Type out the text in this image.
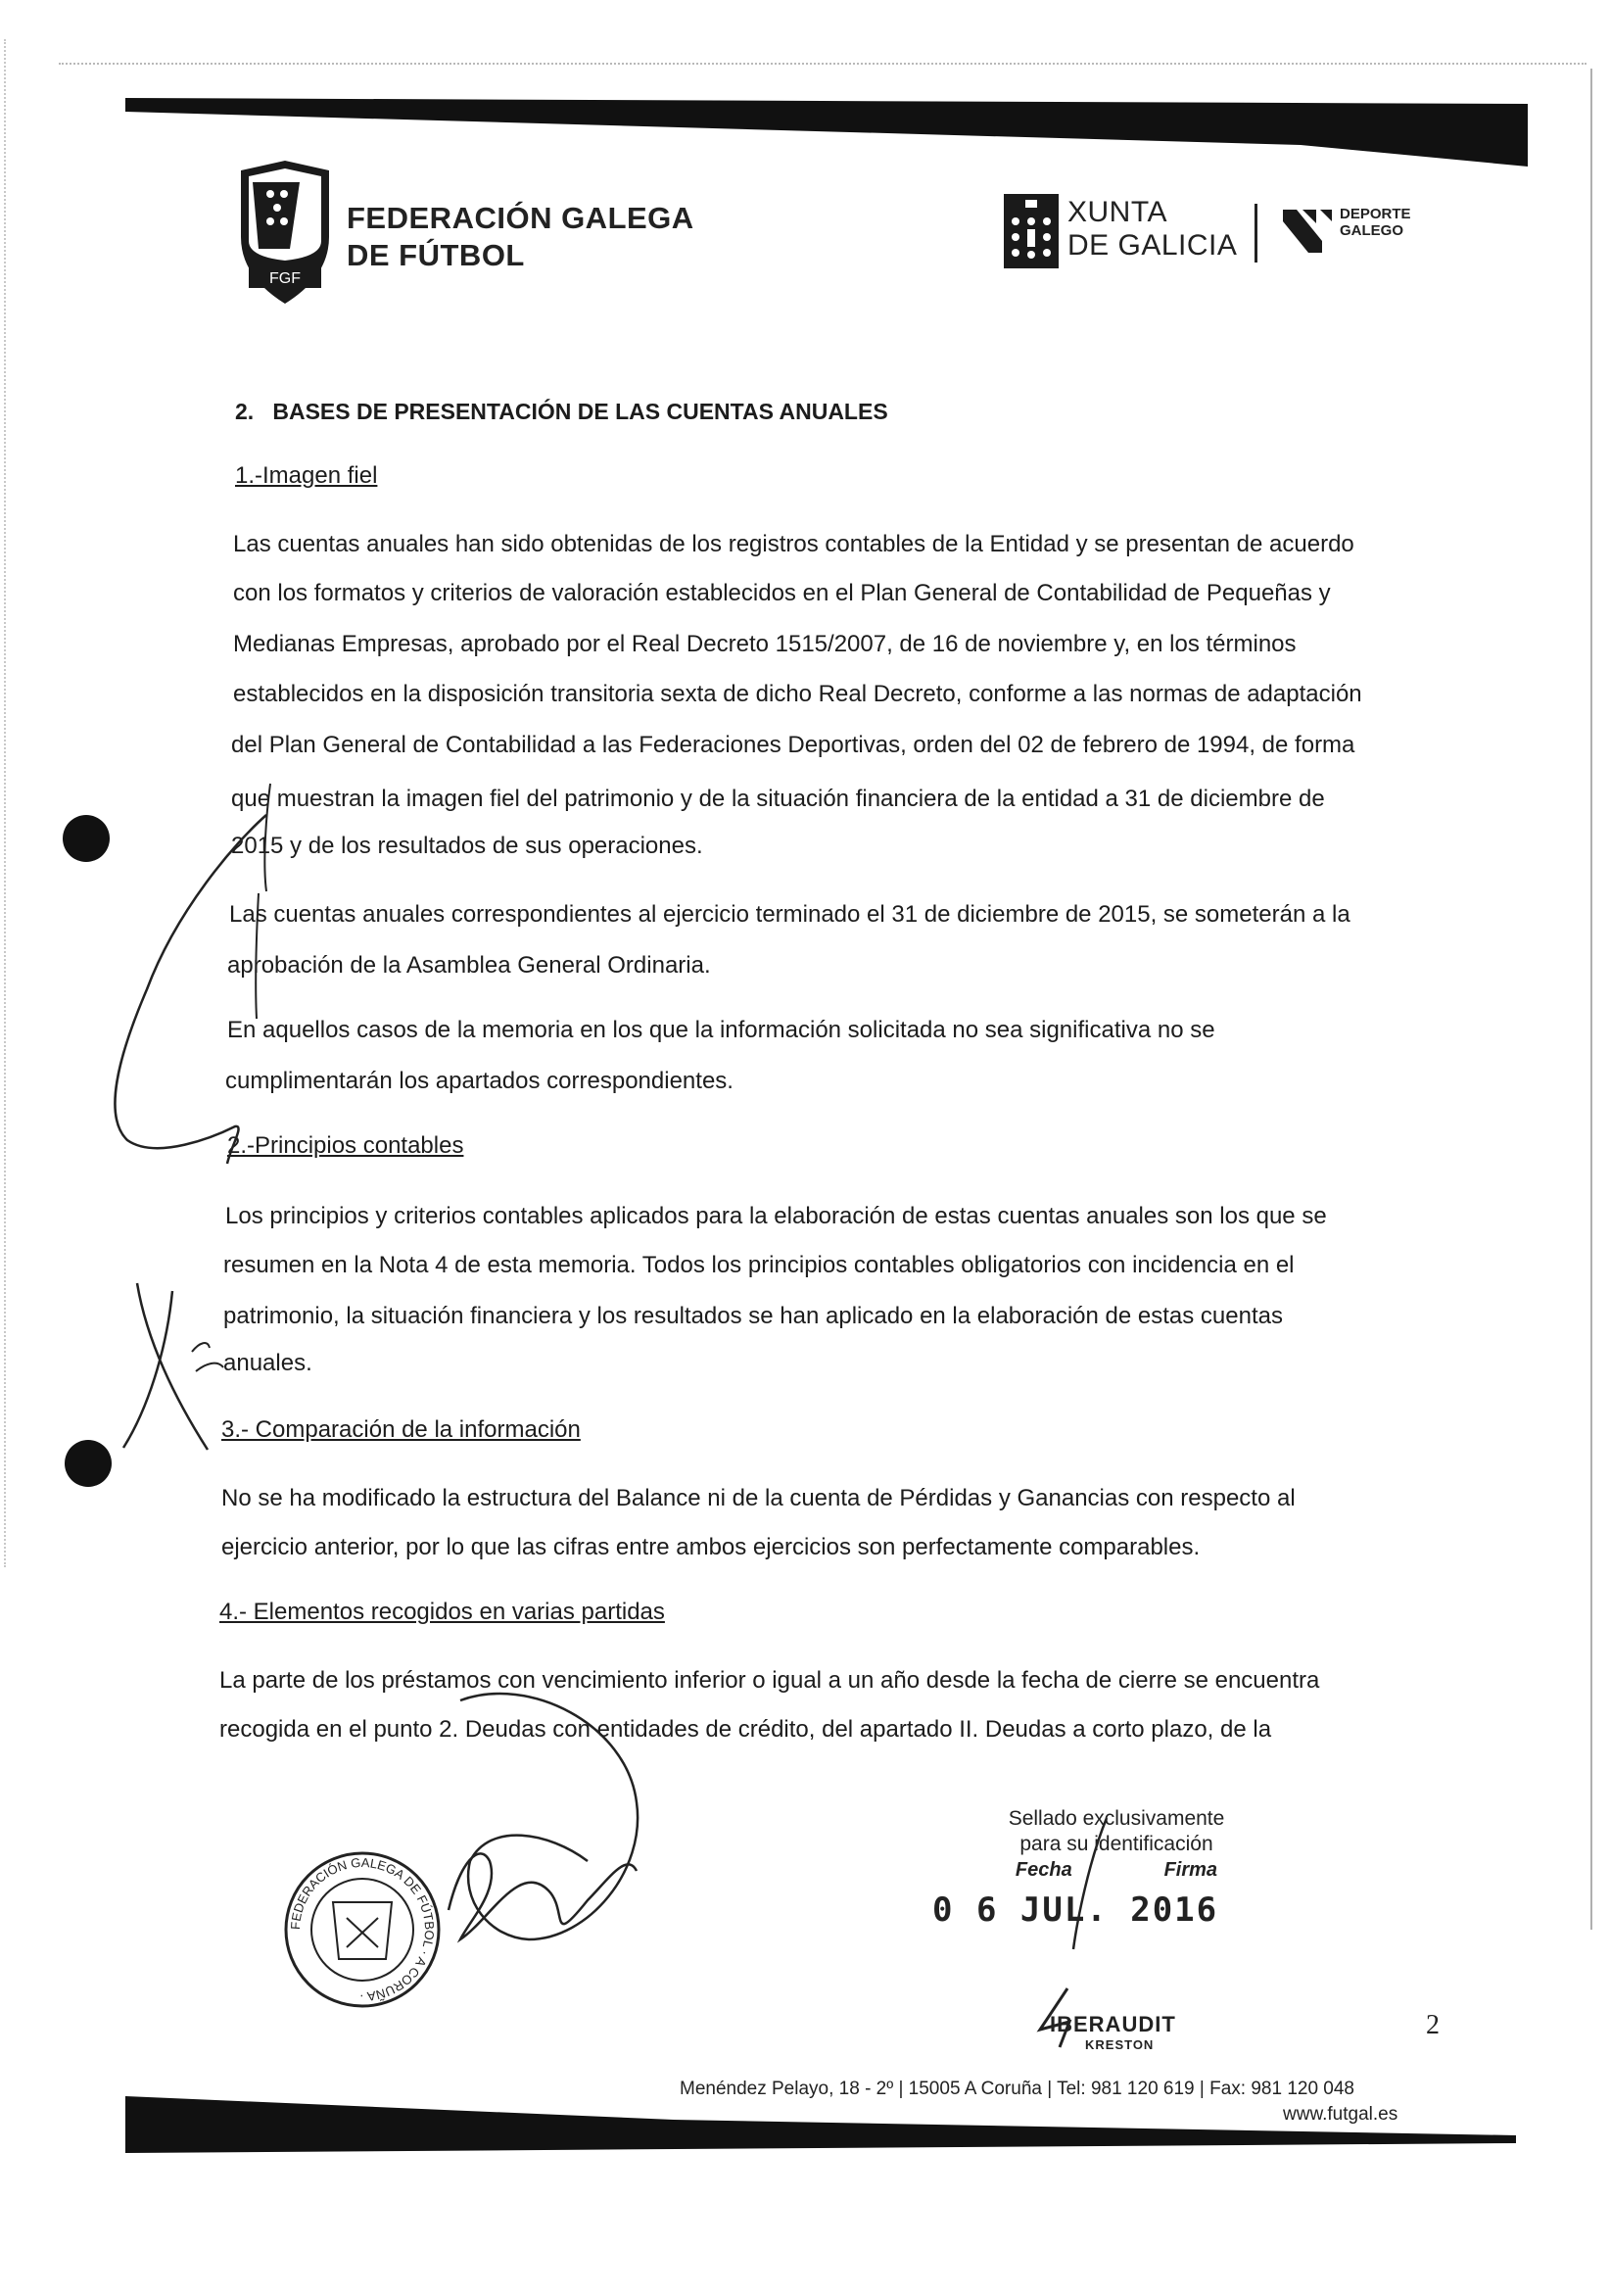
FGF
FEDERACIÓN GALEGA
DE FÚTBOL
XUNTA
DE GALICIA
DEPORTE
GALEGO
2. BASES DE PRESENTACIÓN DE LAS CUENTAS ANUALES
1.-Imagen fiel
Las cuentas anuales han sido obtenidas de los registros contables de la Entidad y se presentan de acuerdo
con los formatos y criterios de valoración establecidos en el Plan General de Contabilidad de Pequeñas y
Medianas Empresas, aprobado por el Real Decreto 1515/2007, de 16 de noviembre y, en los términos
establecidos en la disposición transitoria sexta de dicho Real Decreto, conforme a las normas de adaptación
del Plan General de Contabilidad a las Federaciones Deportivas, orden del 02 de febrero de 1994, de forma
que muestran la imagen fiel del patrimonio y de la situación financiera de la entidad a 31 de diciembre de
2015 y de los resultados de sus operaciones.
Las cuentas anuales correspondientes al ejercicio terminado el 31 de diciembre de 2015, se someterán a la
aprobación de la Asamblea General Ordinaria.
En aquellos casos de la memoria en los que la información solicitada no sea significativa no se
cumplimentarán los apartados correspondientes.
2.-Principios contables
Los principios y criterios contables aplicados para la elaboración de estas cuentas anuales son los que se
resumen en la Nota 4 de esta memoria. Todos los principios contables obligatorios con incidencia en el
patrimonio, la situación financiera y los resultados se han aplicado en la elaboración de estas cuentas
anuales.
3.- Comparación de la información
No se ha modificado la estructura del Balance ni de la cuenta de Pérdidas y Ganancias con respecto al
ejercicio anterior, por lo que las cifras entre ambos ejercicios son perfectamente comparables.
4.- Elementos recogidos en varias partidas
La parte de los préstamos con vencimiento inferior o igual a un año desde la fecha de cierre se encuentra
recogida en el punto 2. Deudas con entidades de crédito, del apartado II. Deudas a corto plazo, de la
FEDERACIÓN GALEGA DE FÚTBOL · A CORUÑA ·
Sellado exclusivamente
para su identificación
Fecha	Firma
0 6 JUL. 2016
IBERAUDIT
KRESTON
2
Menéndez Pelayo, 18 - 2º | 15005 A Coruña | Tel: 981 120 619 | Fax: 981 120 048
www.futgal.es
